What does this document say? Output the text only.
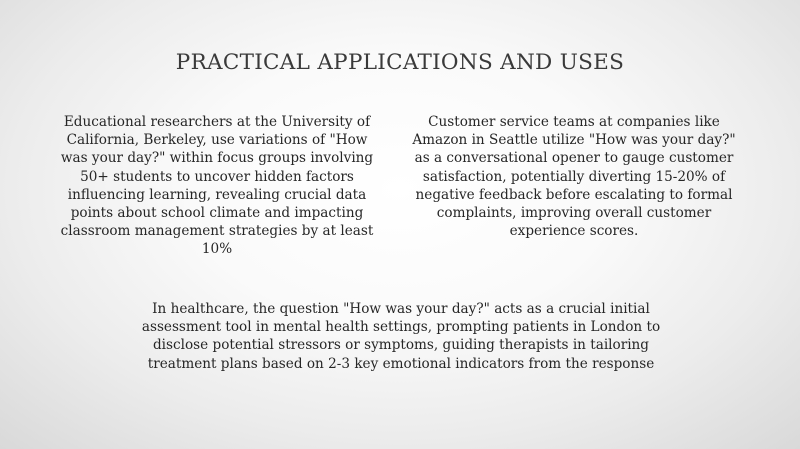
PRACTICAL APPLICATIONS AND USES

Educational researchers at the University of California, Berkeley, use variations of "How was your day?" within focus groups involving 50+ students to uncover hidden factors influencing learning, revealing crucial data points about school climate and impacting classroom management strategies by at least 10%

Customer service teams at companies like Amazon in Seattle utilize "How was your day?" as a conversational opener to gauge customer satisfaction, potentially diverting 15-20% of negative feedback before escalating to formal complaints, improving overall customer experience scores.

In healthcare, the question "How was your day?" acts as a crucial initial assessment tool in mental health settings, prompting patients in London to disclose potential stressors or symptoms, guiding therapists in tailoring treatment plans based on 2-3 key emotional indicators from the response
